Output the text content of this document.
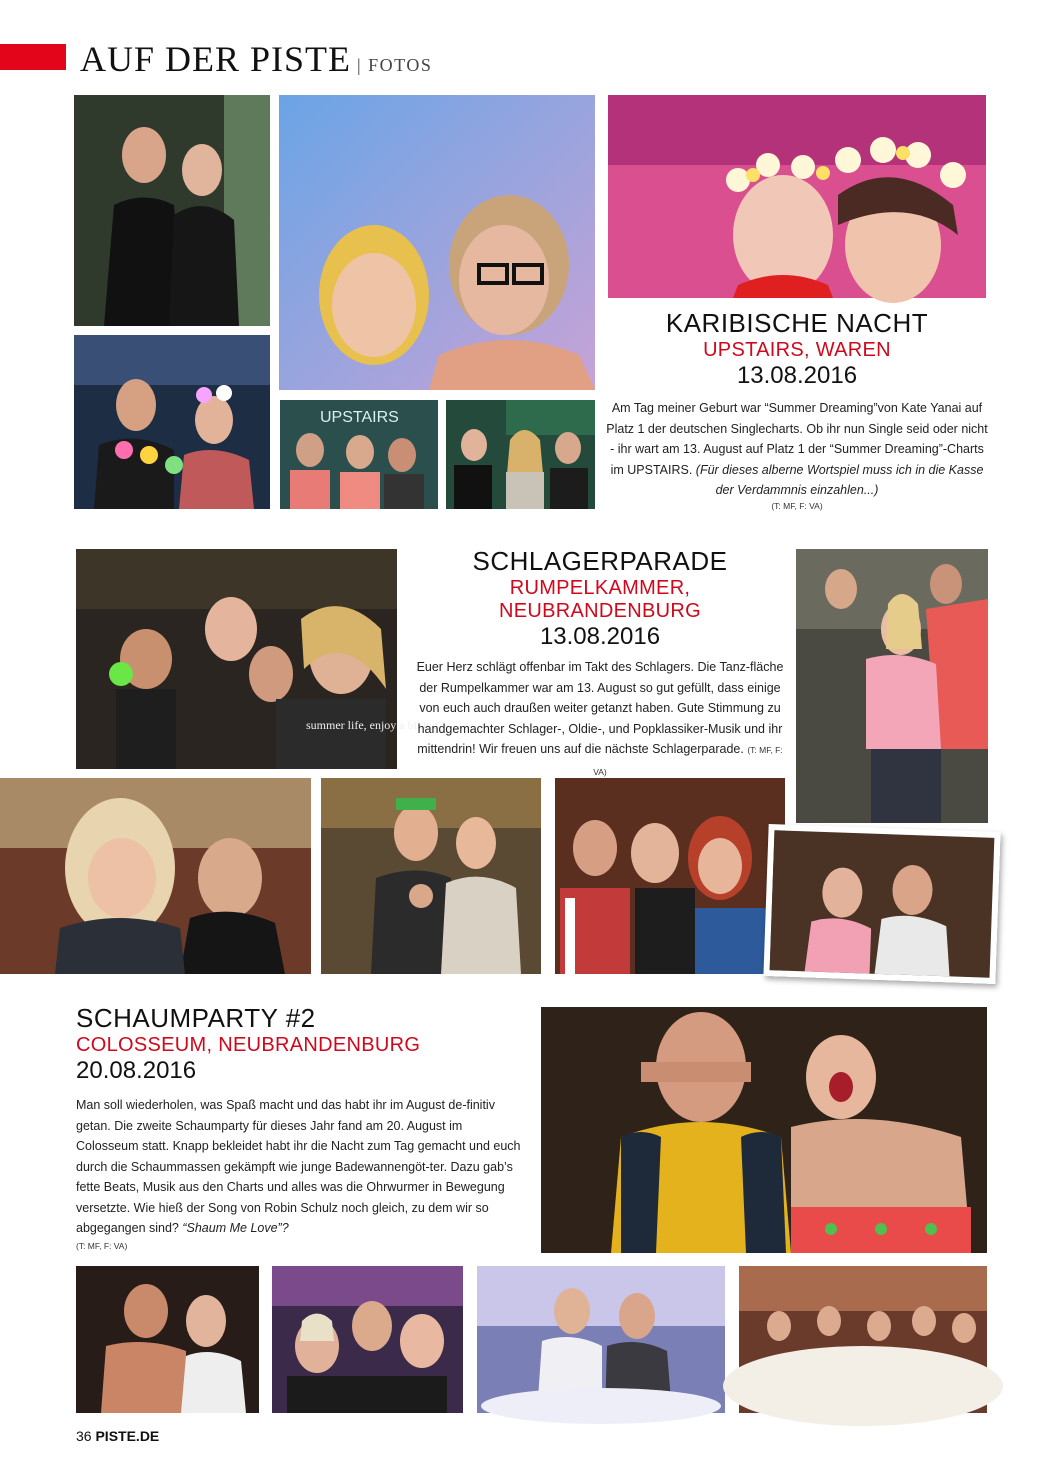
AUF DER PISTE | FOTOS
UPSTAIRS
KARIBISCHE NACHT
UPSTAIRS, WAREN
13.08.2016
Am Tag meiner Geburt war “Summer Dreaming”von Kate Yanai auf Platz 1 der deutschen Singlecharts. Ob ihr nun Single seid oder nicht - ihr wart am 13. August auf Platz 1 der “Summer Dreaming”-Charts im UPSTAIRS. (Für dieses alberne Wortspiel muss ich in die Kasse der Verdammnis einzahlen...)
(T: MF, F: VA)
summer life, enjoy a biking
SCHLAGERPARADE
RUMPELKAMMER, NEUBRANDENBURG
13.08.2016
Euer Herz schlägt offenbar im Takt des Schlagers. Die Tanz-fläche der Rumpelkammer war am 13. August so gut gefüllt, dass einige von euch auch draußen weiter getanzt haben. Gute Stimmung zu handgemachter Schlager-, Oldie-, und Popklassiker-Musik und ihr mittendrin! Wir freuen uns auf die nächste Schlagerparade. (T: MF, F: VA)
SCHAUMPARTY #2
COLOSSEUM, NEUBRANDENBURG
20.08.2016
Man soll wiederholen, was Spaß macht und das habt ihr im August de-finitiv getan. Die zweite Schaumparty für dieses Jahr fand am 20. August im Colosseum statt. Knapp bekleidet habt ihr die Nacht zum Tag gemacht und euch durch die Schaummassen gekämpft wie junge Badewannengöt-ter. Dazu gab’s fette Beats, Musik aus den Charts und alles was die Ohrwurmer in Bewegung versetzte. Wie hieß der Song von Robin Schulz noch gleich, zu dem wir so abgegangen sind? “Shaum Me Love”?
(T: MF, F: VA)
36 PISTE.DE
